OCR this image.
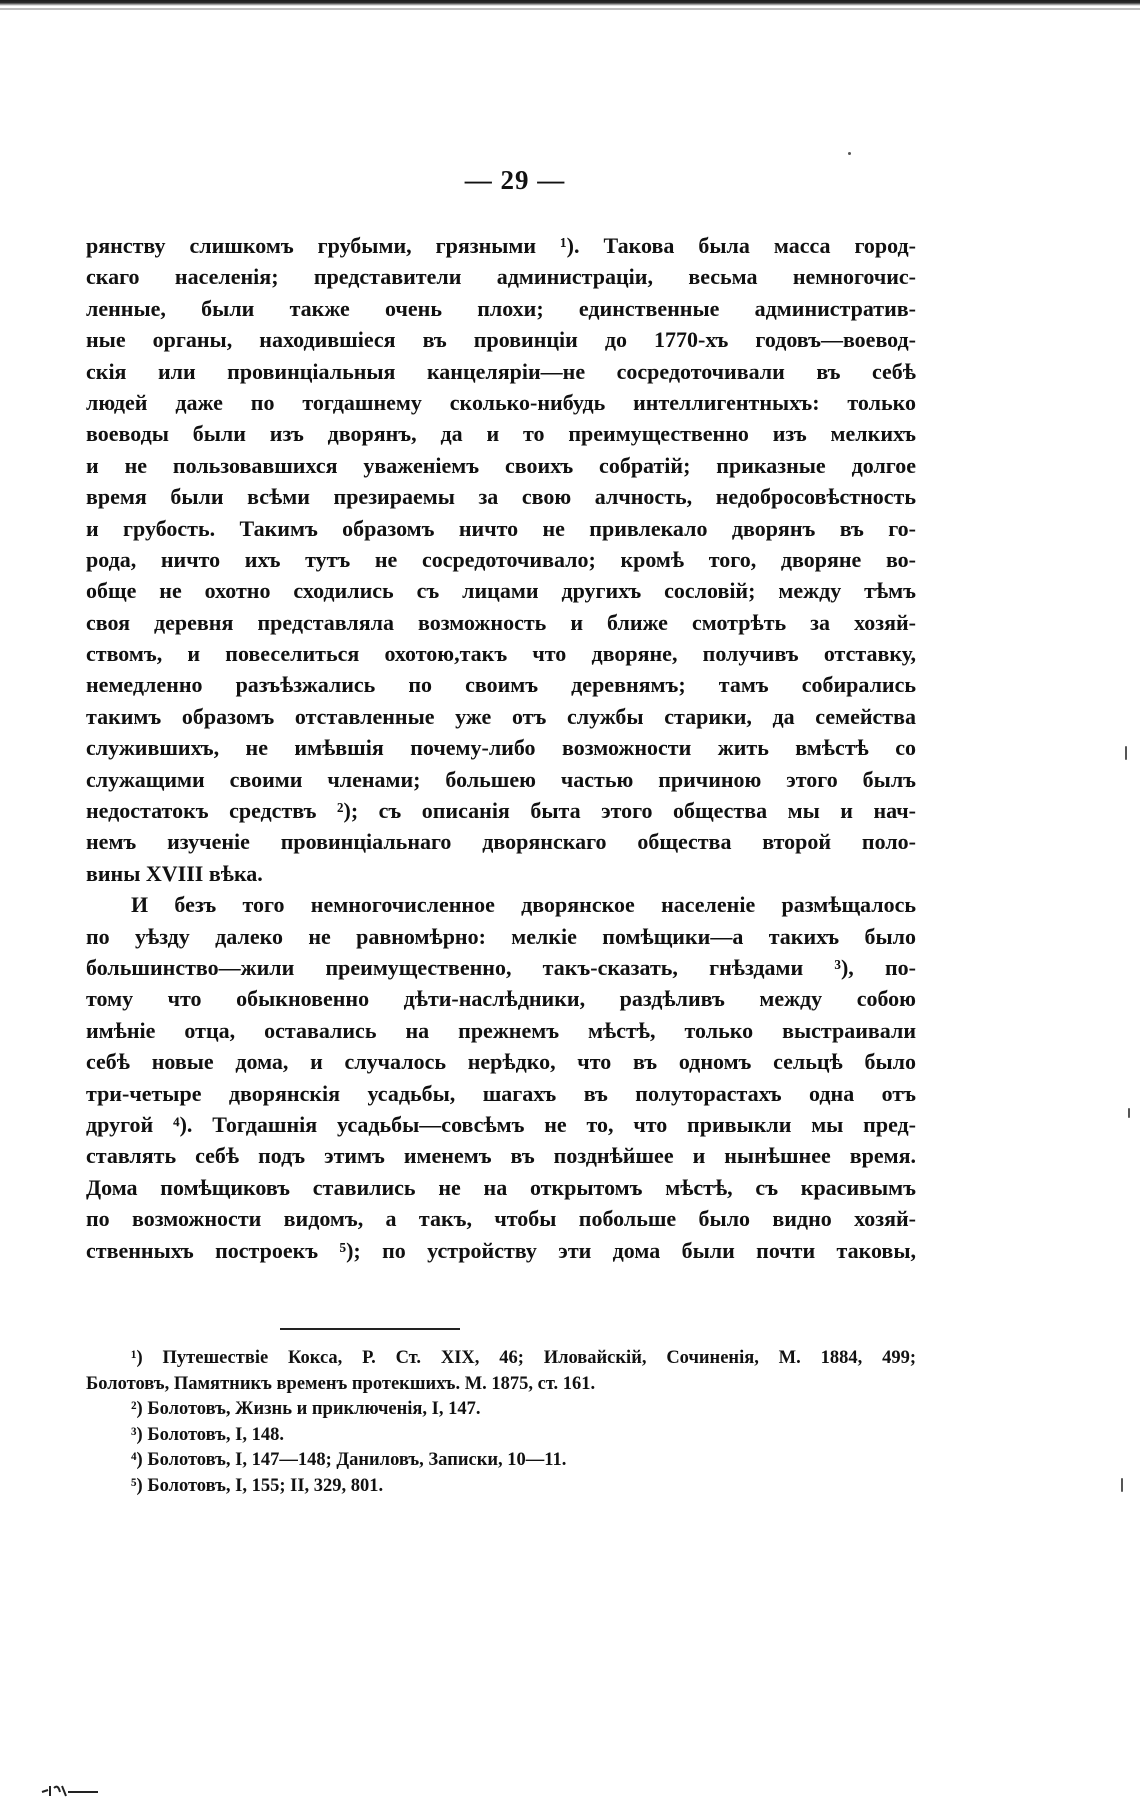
— 29 —
рянству слишкомъ грубыми, грязными ¹). Такова была масса город-
скаго населенія; представители администраціи, весьма немногочис-
ленные, были также очень плохи; единственные административ-
ные органы, находившіеся въ провинціи до 1770-хъ годовъ—воевод-
скія или провинціальныя канцеляріи—не сосредоточивали въ себѣ
людей даже по тогдашнему сколько-нибудь интеллигентныхъ: только
воеводы были изъ дворянъ, да и то преимущественно изъ мелкихъ
и не пользовавшихся уваженіемъ своихъ собратій; приказные долгое
время были всѣми презираемы за свою алчность, недобросовѣстность
и грубость. Такимъ образомъ ничто не привлекало дворянъ въ го-
рода, ничто ихъ тутъ не сосредоточивало; кромѣ того, дворяне во-
обще не охотно сходились съ лицами другихъ сословій; между тѣмъ
своя деревня представляла возможность и ближе смотрѣть за хозяй-
ствомъ, и повеселиться охотою,такъ что дворяне, получивъ отставку,
немедленно разъѣзжались по своимъ деревнямъ; тамъ собирались
такимъ образомъ отставленные уже отъ службы старики, да семейства
служившихъ, не имѣвшія почему-либо возможности жить вмѣстѣ со
служащими своими членами; большею частью причиною этого былъ
недостатокъ средствъ ²); съ описанія быта этого общества мы и нач-
немъ изученіе провинціальнаго дворянскаго общества второй поло-
вины XVIII вѣка.
И безъ того немногочисленное дворянское населеніе размѣщалось
по уѣзду далеко не равномѣрно: мелкіе помѣщики—а такихъ было
большинство—жили преимущественно, такъ-сказать, гнѣздами ³), по-
тому что обыкновенно дѣти-наслѣдники, раздѣливъ между собою
имѣніе отца, оставались на прежнемъ мѣстѣ, только выстраивали
себѣ новые дома, и случалось нерѣдко, что въ одномъ сельцѣ было
три-четыре дворянскія усадьбы, шагахъ въ полуторастахъ одна отъ
другой ⁴). Тогдашнія усадьбы—совсѣмъ не то, что привыкли мы пред-
ставлять себѣ подъ этимъ именемъ въ позднѣйшее и нынѣшнее время.
Дома помѣщиковъ ставились не на открытомъ мѣстѣ, съ красивымъ
по возможности видомъ, а такъ, чтобы побольше было видно хозяй-
ственныхъ построекъ ⁵); по устройству эти дома были почти таковы,
¹) Путешествіе Кокса, Р. Ст. XIX, 46; Иловайскій, Сочиненія, М. 1884, 499;
Болотовъ, Памятникъ временъ протекшихъ. М. 1875, ст. 161.
²) Болотовъ, Жизнь и приключенія, I, 147.
³) Болотовъ, I, 148.
⁴) Болотовъ, I, 147—148; Даниловъ, Записки, 10—11.
⁵) Болотовъ, I, 155; II, 329, 801.
